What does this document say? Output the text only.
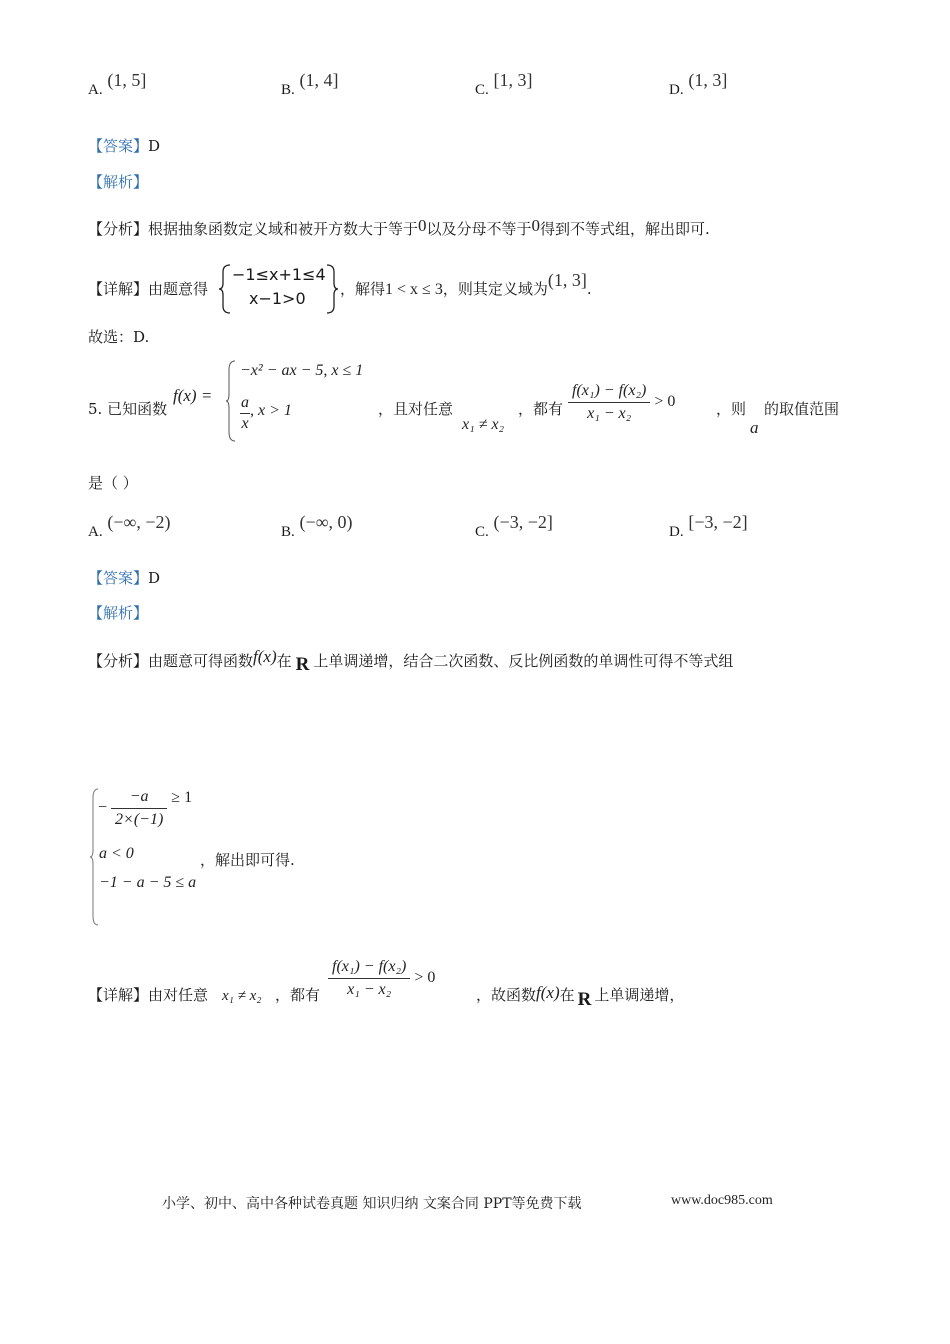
A. (1, 5]	B. (1, 4]	C. [1, 3]	D. (1, 3]
【答案】D
【解析】
【分析】根据抽象函数定义域和被开方数大于等于0以及分母不等于0得到不等式组，解出即可.
【详解】由题意得
−1≤x+1≤4
x−1>0 ，解得1 < x ≤ 3，则其定义域为(1, 3].
故选：D.
5. 已知函数
f(x) =
−x² − ax − 5, x ≤ 1
$\frac{a}{x}$ , x > 1	，且对任意
x₁ ≠ x₂
，都有 $\frac{\text{f(x₁) − f(x₂)}}{\text{x₁ − x₂}} > 0$	，则
a
的取值范围
是（ ）
A. (−∞, −2)	B. (−∞, 0)	C. (−3, −2]	D. [−3, −2]
【答案】D
【解析】
【分析】由题意可得函数f(x)在 R 上单调递增，结合二次函数、反比例函数的单调性可得不等式组
− $\frac{-a}{2\times(-1)} \ge 1$
a < 0
−1 − a − 5 ≤ a
，解出即可得.
【详解】由对任意 x₁ ≠ x₂ ，都有 $\frac{\text{f(x₁) − f(x₂)}}{\text{x₁ − x₂}} > 0$
，故函数f(x)在 R 上单调递增，
小学、初中、高中各种试卷真题 知识归纳 文案合同 PPT等免费下载	www.doc985.com
